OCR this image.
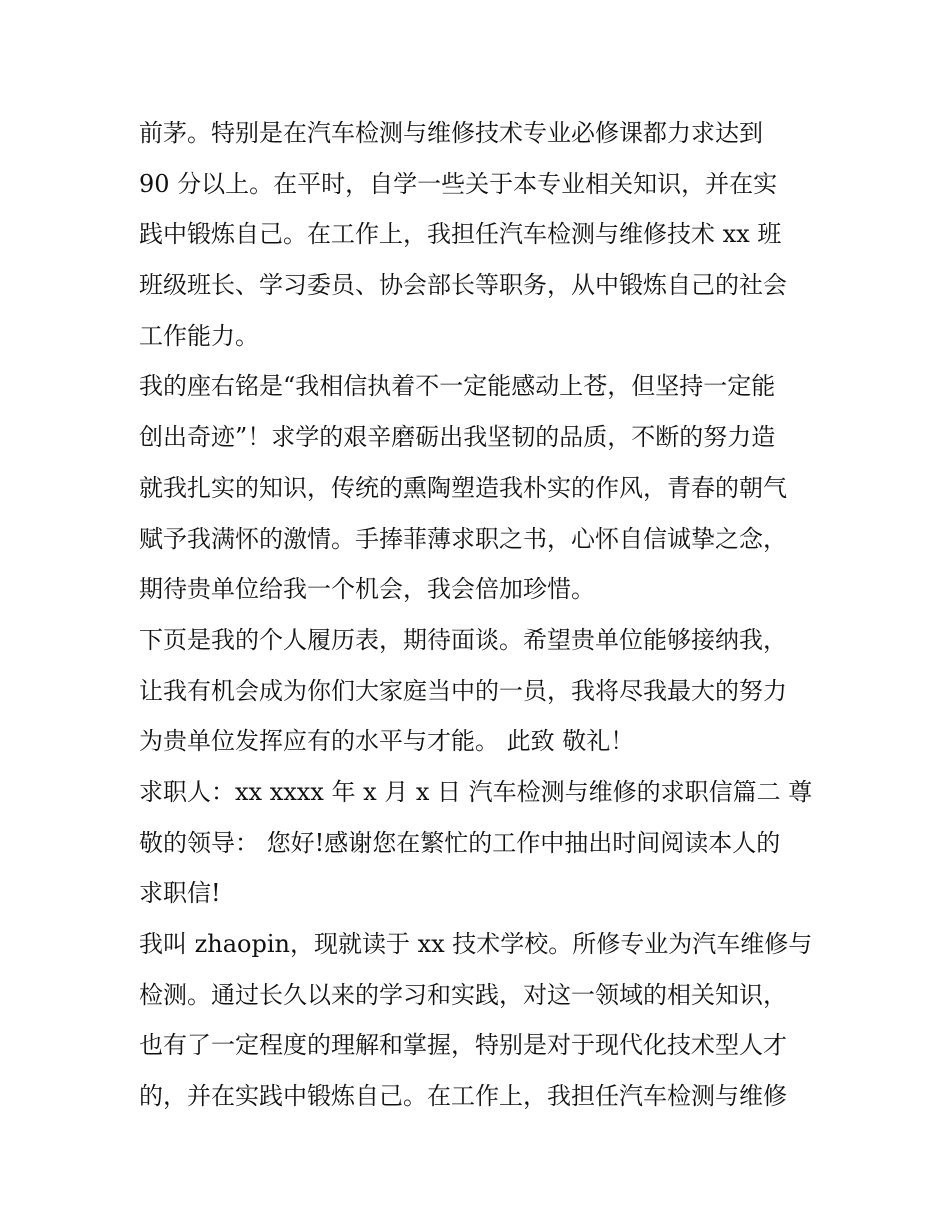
前茅。特别是在汽车检测与维修技术专业必修课都力求达到
90 分以上。在平时，自学一些关于本专业相关知识，并在实
践中锻炼自己。在工作上，我担任汽车检测与维修技术 xx 班
班级班长、学习委员、协会部长等职务，从中锻炼自己的社会
工作能力。
我的座右铭是“我相信执着不一定能感动上苍，但坚持一定能
创出奇迹”！求学的艰辛磨砺出我坚韧的品质，不断的努力造
就我扎实的知识，传统的熏陶塑造我朴实的作风，青春的朝气
赋予我满怀的激情。手捧菲薄求职之书，心怀自信诚挚之念，
期待贵单位给我一个机会，我会倍加珍惜。
下页是我的个人履历表，期待面谈。希望贵单位能够接纳我，
让我有机会成为你们大家庭当中的一员，我将尽我最大的努力
为贵单位发挥应有的水平与才能。 此致 敬礼！
求职人：xx xxxx 年 x 月 x 日 汽车检测与维修的求职信篇二 尊
敬的领导： 您好!感谢您在繁忙的工作中抽出时间阅读本人的
求职信!
我叫 zhaopin，现就读于 xx 技术学校。所修专业为汽车维修与
检测。通过长久以来的学习和实践，对这一领域的相关知识，
也有了一定程度的理解和掌握，特别是对于现代化技术型人才
的，并在实践中锻炼自己。在工作上，我担任汽车检测与维修
